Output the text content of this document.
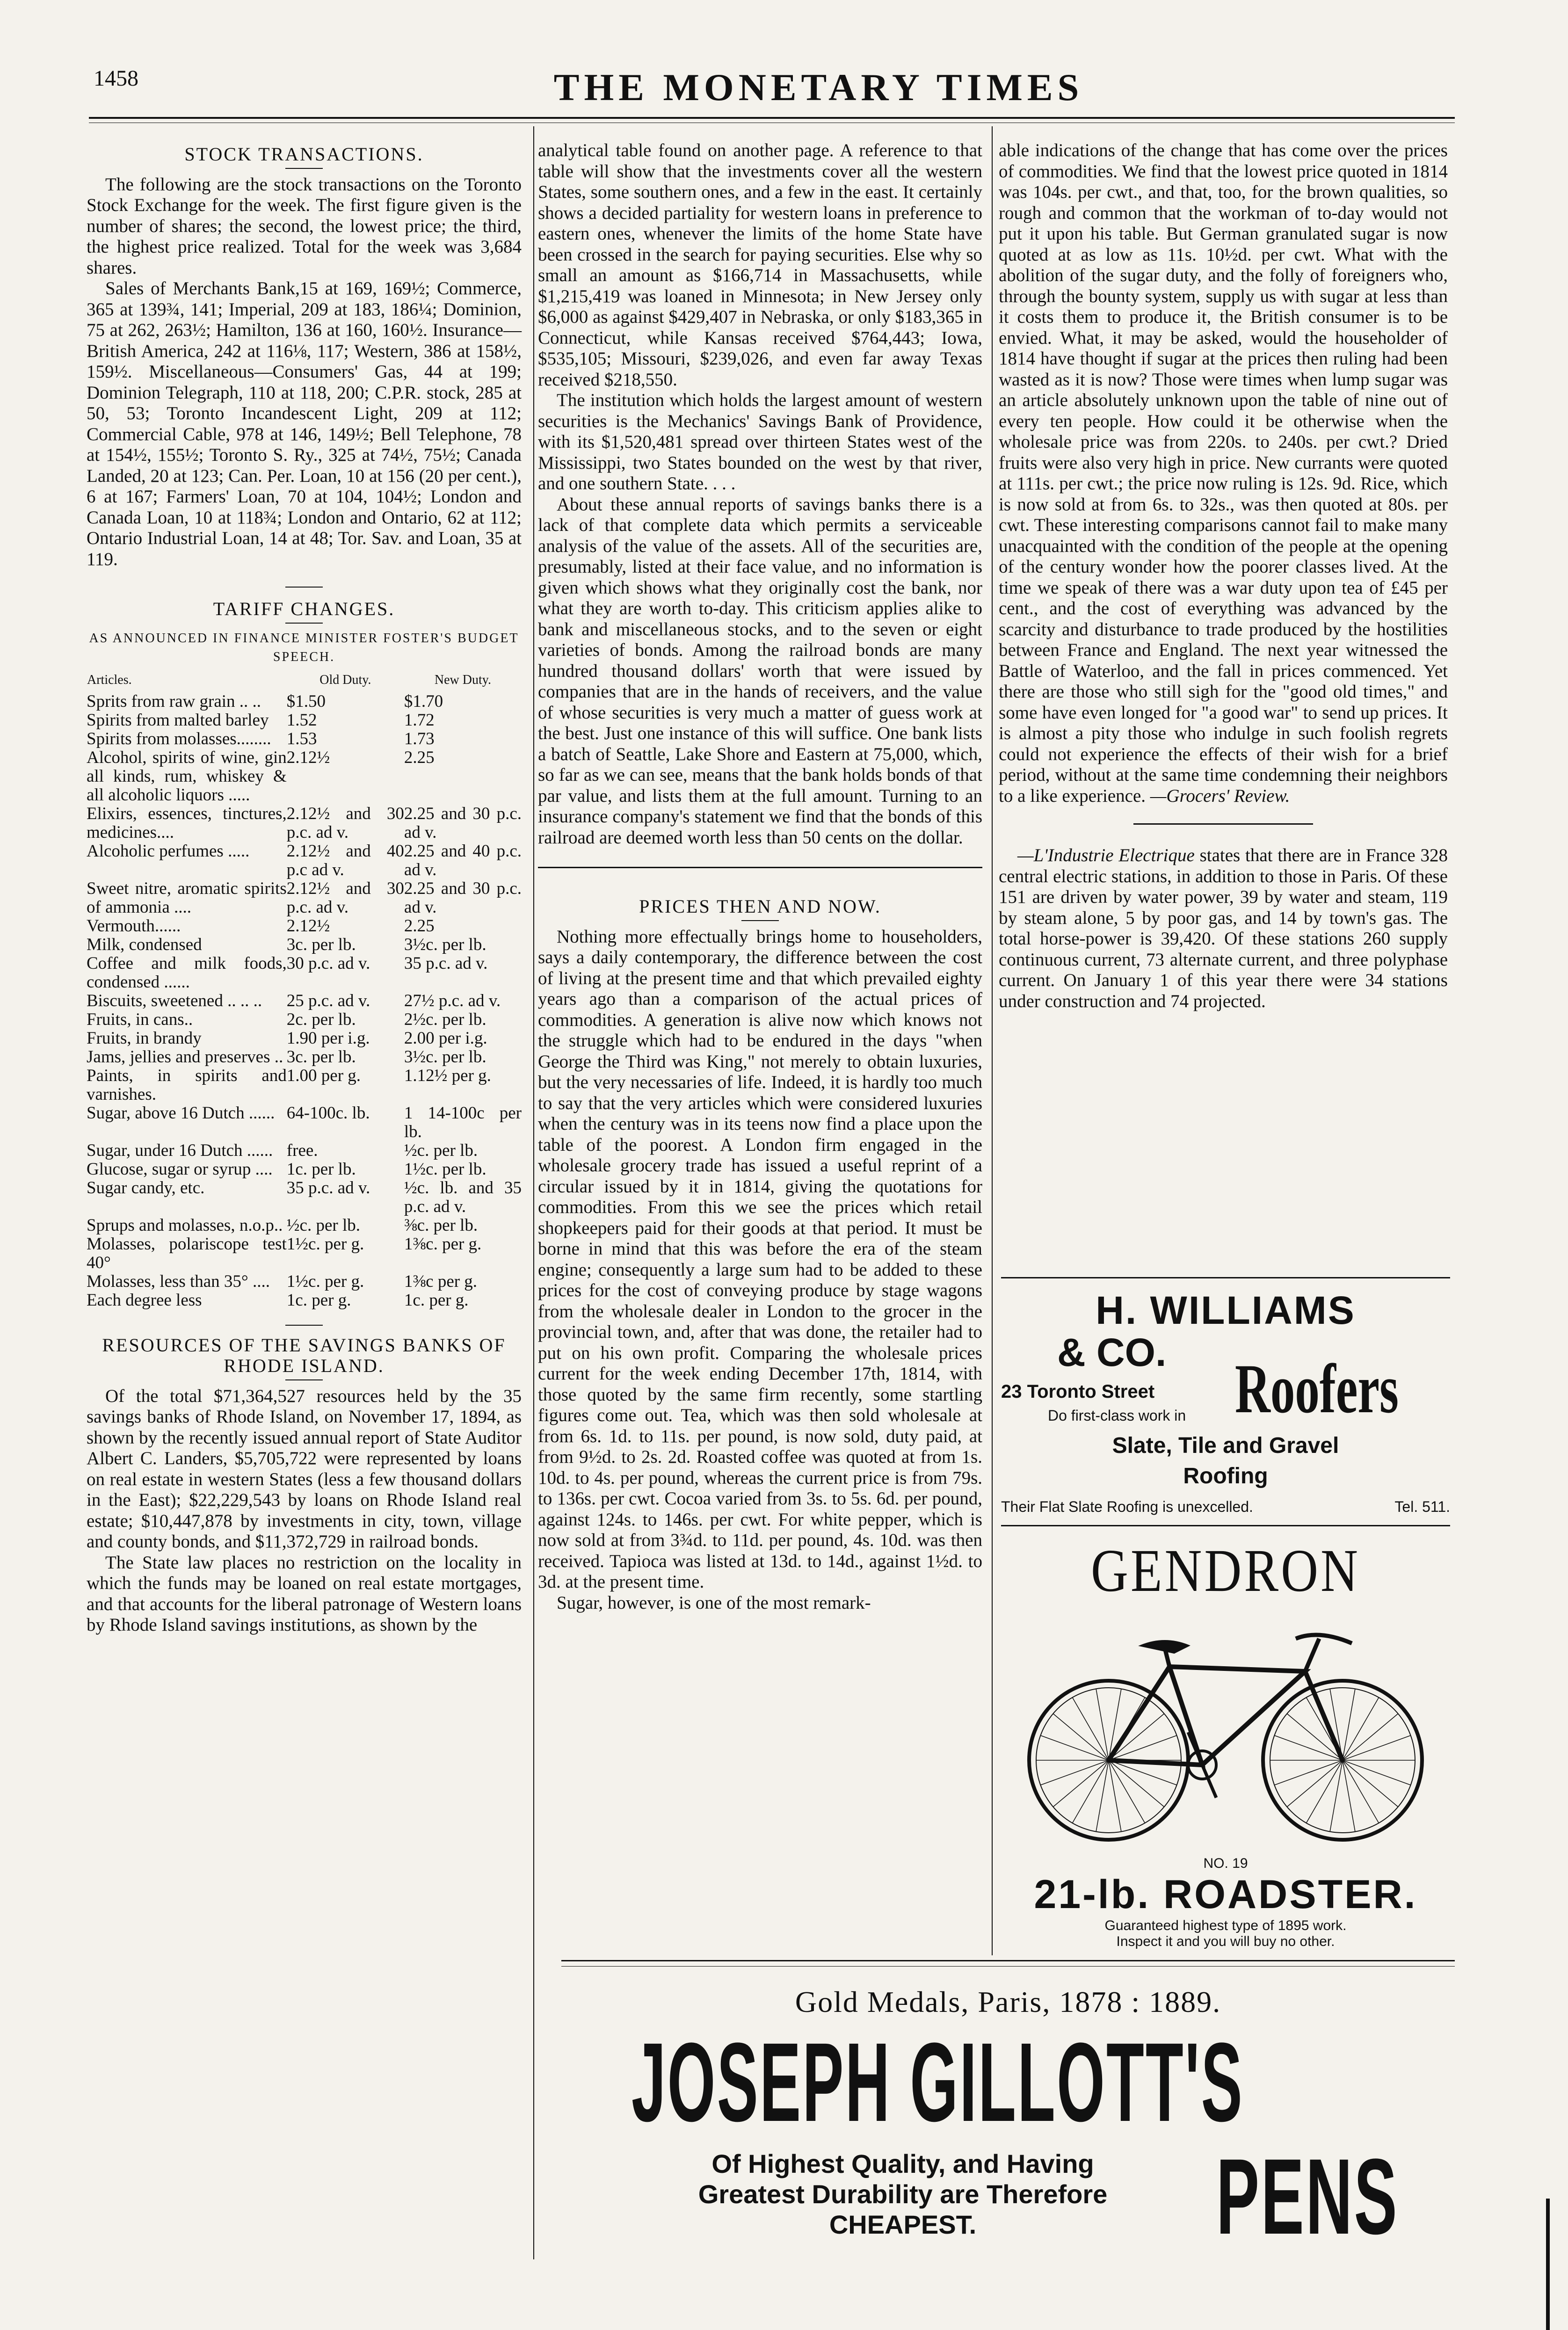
1458	THE MONETARY TIMES
STOCK TRANSACTIONS.

The following are the stock transactions on the Toronto Stock Exchange for the week. The first figure given is the number of shares; the second, the lowest price; the third, the highest price realized. Total for the week was 3,684 shares.

Sales of Merchants Bank,15 at 169, 169½; Commerce, 365 at 139¾, 141; Imperial, 209 at 183, 186¼; Dominion, 75 at 262, 263½; Hamilton, 136 at 160, 160½. Insurance—British America, 242 at 116⅛, 117; Western, 386 at 158½, 159½. Miscellaneous—Consumers' Gas, 44 at 199; Dominion Telegraph, 110 at 118, 200; C.P.R. stock, 285 at 50, 53; Toronto Incandescent Light, 209 at 112; Commercial Cable, 978 at 146, 149½; Bell Telephone, 78 at 154½, 155½; Toronto S. Ry., 325 at 74½, 75½; Canada Landed, 20 at 123; Can. Per. Loan, 10 at 156 (20 per cent.), 6 at 167; Farmers' Loan, 70 at 104, 104½; London and Canada Loan, 10 at 118¾; London and Ontario, 62 at 112; Ontario Industrial Loan, 14 at 48; Tor. Sav. and Loan, 35 at 119.

TARIFF CHANGES.
AS ANNOUNCED IN FINANCE MINISTER FOSTER'S BUDGET SPEECH.
Articles.	Old Duty.	New Duty.
Sprits from raw grain .. ..	$1.50	$1.70
Spirits from malted barley	1.52	1.72
Spirits from molasses........	1.53	1.73
Alcohol, spirits of wine, gin all kinds, rum, whiskey & all alcoholic liquors .....	2.12½	2.25
Elixirs, essences, tinctures, medicines....	2.12½ and 30 p.c. ad v.	2.25 and 30 p.c. ad v.
Alcoholic perfumes .....	2.12½ and 40 p.c ad v.	2.25 and 40 p.c. ad v.
Sweet nitre, aromatic spirits of ammonia ....	2.12½ and 30 p.c. ad v.	2.25 and 30 p.c. ad v.
Vermouth......	2.12½	2.25
Milk, condensed	3c. per lb.	3½c. per lb.
Coffee and milk foods, condensed ......	30 p.c. ad v.	35 p.c. ad v.
Biscuits, sweetened .. .. ..	25 p.c. ad v.	27½ p.c. ad v.
Fruits, in cans..	2c. per lb.	2½c. per lb.
Fruits, in brandy	1.90 per i.g.	2.00 per i.g.
Jams, jellies and preserves ..	3c. per lb.	3½c. per lb.
Paints, in spirits and varnishes.	1.00 per g.	1.12½ per g.
Sugar, above 16 Dutch ......	64-100c. lb.	1 14-100c per lb.
Sugar, under 16 Dutch ......	free.	½c. per lb.
Glucose, sugar or syrup ....	1c. per lb.	1½c. per lb.
Sugar candy, etc.	35 p.c. ad v.	½c. lb. and 35 p.c. ad v.
Sprups and molasses, n.o.p..	½c. per lb.	⅜c. per lb.
Molasses, polariscope test 40°	1½c. per g.	1⅜c. per g.
Molasses, less than 35° ....	1½c. per g.	1⅜c per g.
Each degree less	1c. per g.	1c. per g.
RESOURCES OF THE SAVINGS BANKS OF RHODE ISLAND.

Of the total $71,364,527 resources held by the 35 savings banks of Rhode Island, on November 17, 1894, as shown by the recently issued annual report of State Auditor Albert C. Landers, $5,705,722 were represented by loans on real estate in western States (less a few thousand dollars in the East); $22,229,543 by loans on Rhode Island real estate; $10,447,878 by investments in city, town, village and county bonds, and $11,372,729 in railroad bonds.

The State law places no restriction on the locality in which the funds may be loaned on real estate mortgages, and that accounts for the liberal patronage of Western loans by Rhode Island savings institutions, as shown by the

analytical table found on another page. A reference to that table will show that the investments cover all the western States, some southern ones, and a few in the east. It certainly shows a decided partiality for western loans in preference to eastern ones, whenever the limits of the home State have been crossed in the search for paying securities. Else why so small an amount as $166,714 in Massachusetts, while $1,215,419 was loaned in Minnesota; in New Jersey only $6,000 as against $429,407 in Nebraska, or only $183,365 in Connecticut, while Kansas received $764,443; Iowa, $535,105; Missouri, $239,026, and even far away Texas received $218,550.

The institution which holds the largest amount of western securities is the Mechanics' Savings Bank of Providence, with its $1,520,481 spread over thirteen States west of the Mississippi, two States bounded on the west by that river, and one southern State. . . .

About these annual reports of savings banks there is a lack of that complete data which permits a serviceable analysis of the value of the assets. All of the securities are, presumably, listed at their face value, and no information is given which shows what they originally cost the bank, nor what they are worth to-day. This criticism applies alike to bank and miscellaneous stocks, and to the seven or eight varieties of bonds. Among the railroad bonds are many hundred thousand dollars' worth that were issued by companies that are in the hands of receivers, and the value of whose securities is very much a matter of guess work at the best. Just one instance of this will suffice. One bank lists a batch of Seattle, Lake Shore and Eastern at 75,000, which, so far as we can see, means that the bank holds bonds of that par value, and lists them at the full amount. Turning to an insurance company's statement we find that the bonds of this railroad are deemed worth less than 50 cents on the dollar.

PRICES THEN AND NOW.

Nothing more effectually brings home to householders, says a daily contemporary, the difference between the cost of living at the present time and that which prevailed eighty years ago than a comparison of the actual prices of commodities. A generation is alive now which knows not the struggle which had to be endured in the days "when George the Third was King," not merely to obtain luxuries, but the very necessaries of life. Indeed, it is hardly too much to say that the very articles which were considered luxuries when the century was in its teens now find a place upon the table of the poorest. A London firm engaged in the wholesale grocery trade has issued a useful reprint of a circular issued by it in 1814, giving the quotations for commodities. From this we see the prices which retail shopkeepers paid for their goods at that period. It must be borne in mind that this was before the era of the steam engine; consequently a large sum had to be added to these prices for the cost of conveying produce by stage wagons from the wholesale dealer in London to the grocer in the provincial town, and, after that was done, the retailer had to put on his own profit. Comparing the wholesale prices current for the week ending December 17th, 1814, with those quoted by the same firm recently, some startling figures come out. Tea, which was then sold wholesale at from 6s. 1d. to 11s. per pound, is now sold, duty paid, at from 9½d. to 2s. 2d. Roasted coffee was quoted at from 1s. 10d. to 4s. per pound, whereas the current price is from 79s. to 136s. per cwt. Cocoa varied from 3s. to 5s. 6d. per pound, against 124s. to 146s. per cwt. For white pepper, which is now sold at from 3¾d. to 11d. per pound, 4s. 10d. was then received. Tapioca was listed at 13d. to 14d., against 1½d. to 3d. at the present time.

Sugar, however, is one of the most remark-

able indications of the change that has come over the prices of commodities. We find that the lowest price quoted in 1814 was 104s. per cwt., and that, too, for the brown qualities, so rough and common that the workman of to-day would not put it upon his table. But German granulated sugar is now quoted at as low as 11s. 10½d. per cwt. What with the abolition of the sugar duty, and the folly of foreigners who, through the bounty system, supply us with sugar at less than it costs them to produce it, the British consumer is to be envied. What, it may be asked, would the householder of 1814 have thought if sugar at the prices then ruling had been wasted as it is now? Those were times when lump sugar was an article absolutely unknown upon the table of nine out of every ten people. How could it be otherwise when the wholesale price was from 220s. to 240s. per cwt.? Dried fruits were also very high in price. New currants were quoted at 111s. per cwt.; the price now ruling is 12s. 9d. Rice, which is now sold at from 6s. to 32s., was then quoted at 80s. per cwt. These interesting comparisons cannot fail to make many unacquainted with the condition of the people at the opening of the century wonder how the poorer classes lived. At the time we speak of there was a war duty upon tea of £45 per cent., and the cost of everything was advanced by the scarcity and disturbance to trade produced by the hostilities between France and England. The next year witnessed the Battle of Waterloo, and the fall in prices commenced. Yet there are those who still sigh for the "good old times," and some have even longed for "a good war" to send up prices. It is almost a pity those who indulge in such foolish regrets could not experience the effects of their wish for a brief period, without at the same time condemning their neighbors to a like experience. —Grocers' Review.

—L'Industrie Electrique states that there are in France 328 central electric stations, in addition to those in Paris. Of these 151 are driven by water power, 39 by water and steam, 119 by steam alone, 5 by poor gas, and 14 by town's gas. The total horse-power is 39,420. Of these stations 260 supply continuous current, 73 alternate current, and three polyphase current. On January 1 of this year there were 34 stations under construction and 74 projected.

H. WILLIAMS
& CO.
23 Toronto Street
Do first-class work in Roofers
Slate, Tile and Gravel
Roofing
Their Flat Slate Roofing is unexcelled.	Tel. 511.
GENDRON
NO. 19
21-lb. ROADSTER.
Guaranteed highest type of 1895 work.
Inspect it and you will buy no other.
Gold Medals, Paris, 1878 : 1889.
JOSEPH GILLOTT'S
Of Highest Quality, and Having
Greatest Durability are Therefore
CHEAPEST.	PENS
